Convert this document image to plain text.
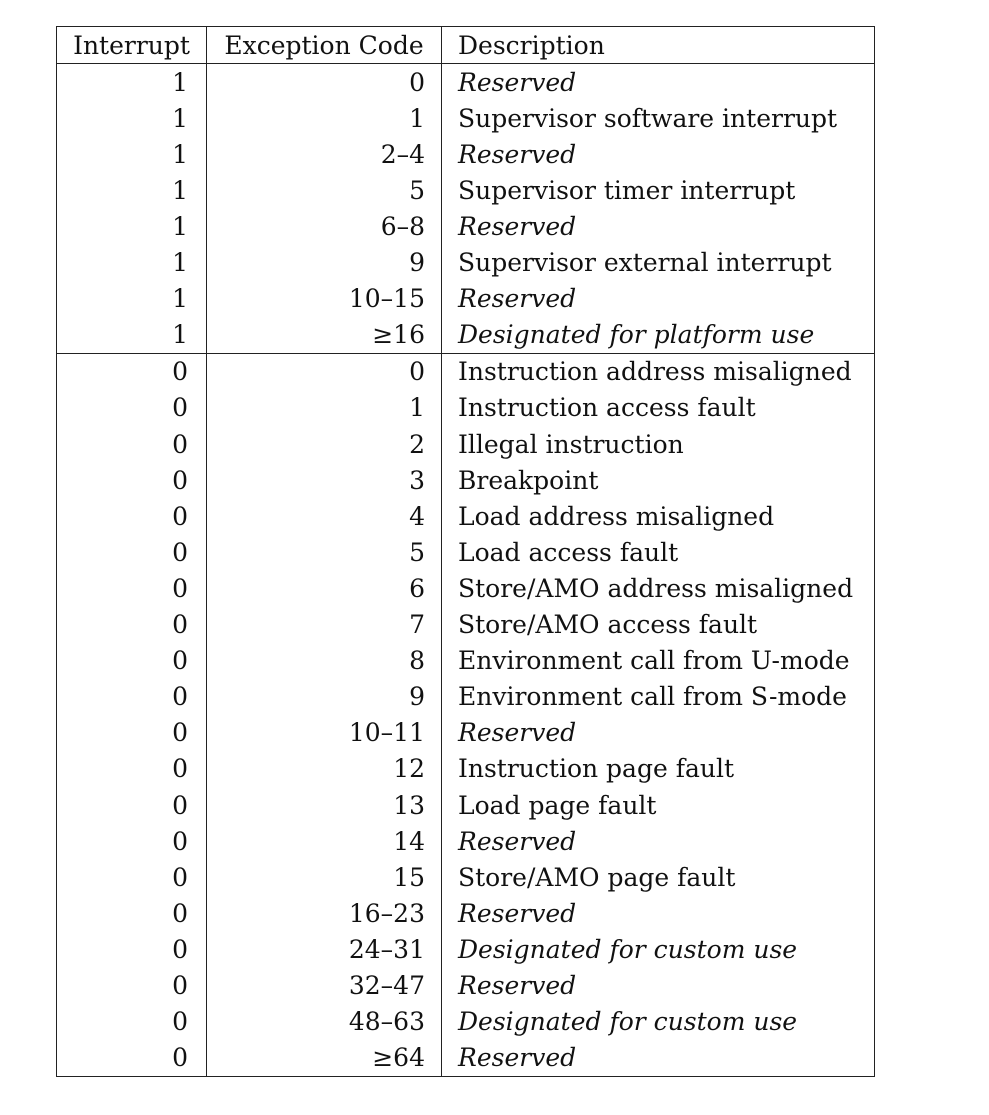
Interrupt	Exception Code	Description
1	0	Reserved
1	1	Supervisor software interrupt
1	2–4	Reserved
1	5	Supervisor timer interrupt
1	6–8	Reserved
1	9	Supervisor external interrupt
1	10–15	Reserved
1	≥16	Designated for platform use
0	0	Instruction address misaligned
0	1	Instruction access fault
0	2	Illegal instruction
0	3	Breakpoint
0	4	Load address misaligned
0	5	Load access fault
0	6	Store/AMO address misaligned
0	7	Store/AMO access fault
0	8	Environment call from U-mode
0	9	Environment call from S-mode
0	10–11	Reserved
0	12	Instruction page fault
0	13	Load page fault
0	14	Reserved
0	15	Store/AMO page fault
0	16–23	Reserved
0	24–31	Designated for custom use
0	32–47	Reserved
0	48–63	Designated for custom use
0	≥64	Reserved
